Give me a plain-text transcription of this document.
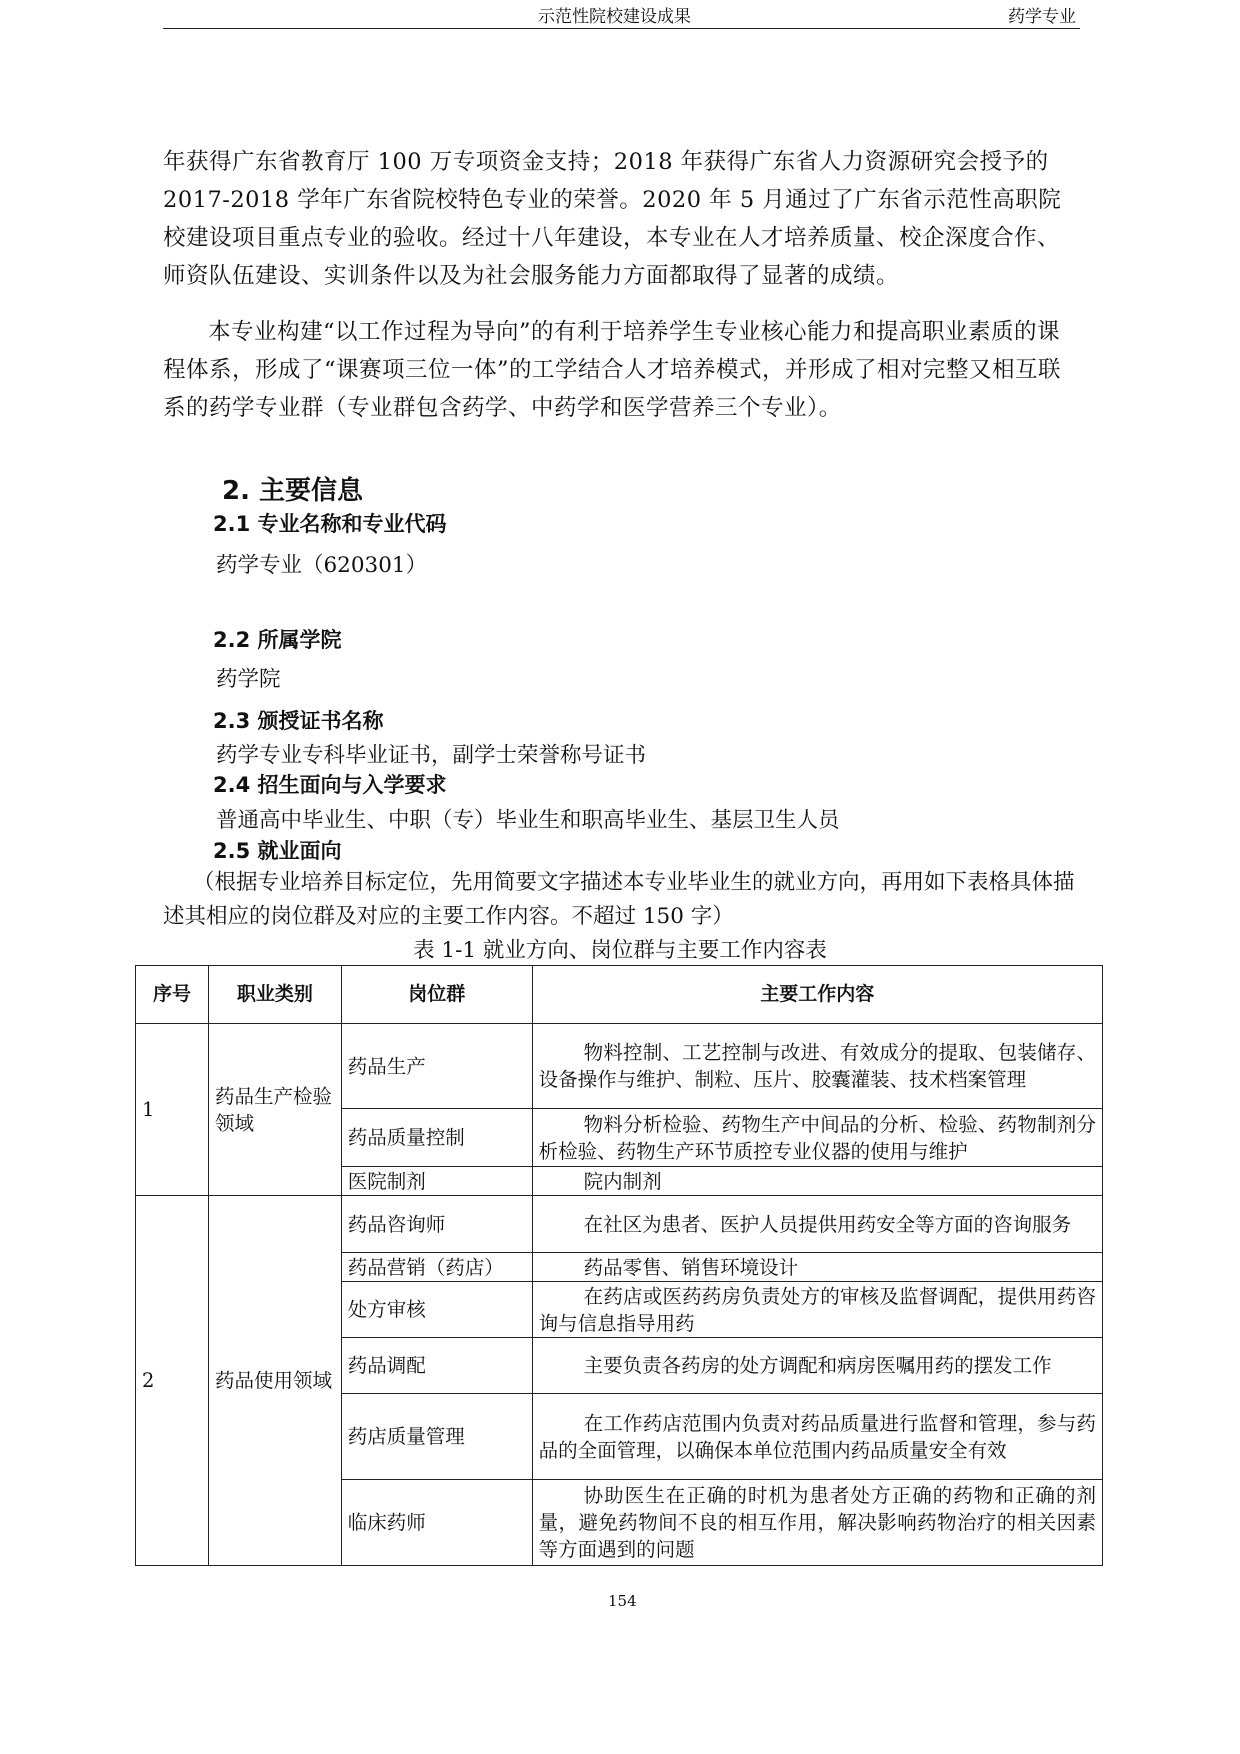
示范性院校建设成果	药学专业

年获得广东省教育厅 100 万专项资金支持；2018 年获得广东省人力资源研究会授予的 2017-2018 学年广东省院校特色专业的荣誉。2020 年 5 月通过了广东省示范性高职院校建设项目重点专业的验收。经过十八年建设，本专业在人才培养质量、校企深度合作、师资队伍建设、实训条件以及为社会服务能力方面都取得了显著的成绩。

本专业构建“以工作过程为导向”的有利于培养学生专业核心能力和提高职业素质的课程体系，形成了“课赛项三位一体”的工学结合人才培养模式，并形成了相对完整又相互联系的药学专业群（专业群包含药学、中药学和医学营养三个专业）。

2. 主要信息
2.1 专业名称和专业代码
药学专业（620301）
2.2 所属学院
药学院
2.3 颁授证书名称
药学专业专科毕业证书，副学士荣誉称号证书
2.4 招生面向与入学要求
普通高中毕业生、中职（专）毕业生和职高毕业生、基层卫生人员
2.5 就业面向
（根据专业培养目标定位，先用简要文字描述本专业毕业生的就业方向，再用如下表格具体描述其相应的岗位群及对应的主要工作内容。不超过 150 字）
表 1-1 就业方向、岗位群与主要工作内容表
序号	职业类别	岗位群	主要工作内容
1	药品生产检验领域	药品生产	物料控制、工艺控制与改进、有效成分的提取、包装储存、设备操作与维护、制粒、压片、胶囊灌装、技术档案管理
		药品质量控制	物料分析检验、药物生产中间品的分析、检验、药物制剂分析检验、药物生产环节质控专业仪器的使用与维护
		医院制剂	院内制剂
2	药品使用领域	药品咨询师	在社区为患者、医护人员提供用药安全等方面的咨询服务
		药品营销（药店）	药品零售、销售环境设计
		处方审核	在药店或医药药房负责处方的审核及监督调配，提供用药咨询与信息指导用药
		药品调配	主要负责各药房的处方调配和病房医嘱用药的摆发工作
		药店质量管理	在工作药店范围内负责对药品质量进行监督和管理，参与药品的全面管理，以确保本单位范围内药品质量安全有效
		临床药师	协助医生在正确的时机为患者处方正确的药物和正确的剂量，避免药物间不良的相互作用，解决影响药物治疗的相关因素等方面遇到的问题
154
